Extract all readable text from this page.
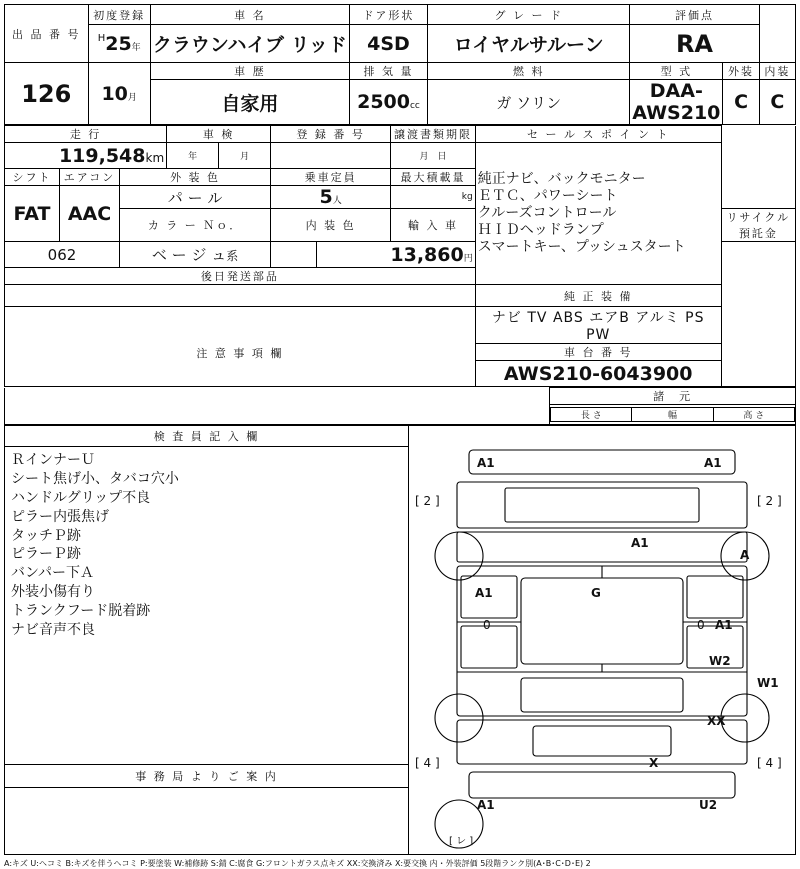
出 品 番 号	初度登録	車 名	ドア形状	グ レ ー ド	評価点		
	$^H$25年	クラウンハイブ リッド	4SD	ロイヤルサルーン	RA		
126	10月	車 歴	排 気 量	燃 料	型 式	外装	内装
		自家用	2500cc	ガ ソリン	DAA-AWS210	C	C
走 行			車 検		登 録 番 号		譲渡書類期限	セ ー ル ス ポ イ ン ト	
119,548km			年	月			月　日	純正ナビ、バックモニター
ＥＴＣ、パワーシート
クルーズコントロール
ＨＩＤヘッドランプ
スマートキー、プッシュスタート	

シフト	エアコン	外 装 色			乗車定員		最大積載量		
FAT	AAC	パ ー ル			5人		kg		
		カ ラ ー Ｎｏ．			内 装 色		輸 入 車		リサイクル預託金
062		ベ ー ジ ュ系				13,860円			
後日発送部品									
								純 正 装 備	

注 意 事 項 欄								ナビ TV ABS エアB アルミ PS PW	
								車 台 番 号	
								AWS210-6043900	
	諸　元

長 さ	幅	高 さ
検 査 員 記 入 欄
ＲインナーＵ
シート焦げ小、タバコ穴小
ハンドルグリップ不良
ピラー内張焦げ
タッチＰ跡
ピラーＰ跡
バンパー下Ａ
外装小傷有り
トランクフード脱着跡
ナビ音声不良
事 務 局 よ り ご 案 内

A1	A1
[ 2 ]	[ 2 ]
A1
A
A1	G
0	0 A1
W2
W1
XX
[ 4 ]	[ 4 ]
X
A1	U2
[ レ ]
A:キズ U:ヘコミ B:キズを伴うヘコミ P:要塗装 W:補修跡 S:錆 C:腐食 G:フロントガラス点キズ XX:交換済み X:要交換 内・外装評価 5段階ランク別(A･B･C･D･E) 2
